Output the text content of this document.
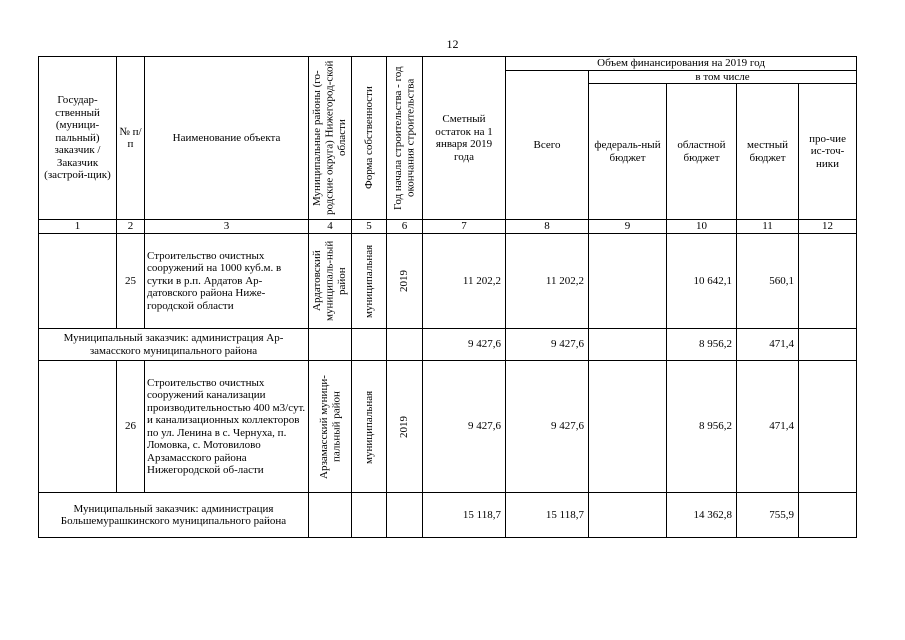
12
Государ-ственный (муници-пальный) заказчик / Заказчик (застрой-щик)	№ п/п	Наименование объекта	Муниципальные районы (го-родские округа) Нижегород-ской области	Форма собственности	Год начала строительства - год окончания строительства	Сметный остаток на 1 января 2019 года	Объем финансирования на 2019 год				
							Всего	в том числе			
								федераль-ный бюджет	областной бюджет	местный бюджет	про-чие ис-точ-ники
1	2	3	4	5	6	7	8	9	10	11	12
	25	Строительство очистных сооружений на 1000 куб.м. в сутки в р.п. Ардатов Ар-датовского района Ниже-городской области	Ардатовский муниципаль-ный район	муниципальная	2019	11 202,2	11 202,2		10 642,1	560,1	
Муниципальный заказчик: администрация Ар-замасского муниципального района						9 427,6	9 427,6		8 956,2	471,4	
	26	Строительство очистных сооружений канализации производительностью 400 м3/сут. и канализационных коллекторов по ул. Ленина в с. Чернуха, п. Ломовка, с. Мотовилово Арзамасского района Нижегородской об-ласти	Арзамасский муници-пальный район	муниципальная	2019	9 427,6	9 427,6		8 956,2	471,4	
Муниципальный заказчик: администрация Большемурашкинского муниципального района						15 118,7	15 118,7		14 362,8	755,9	
